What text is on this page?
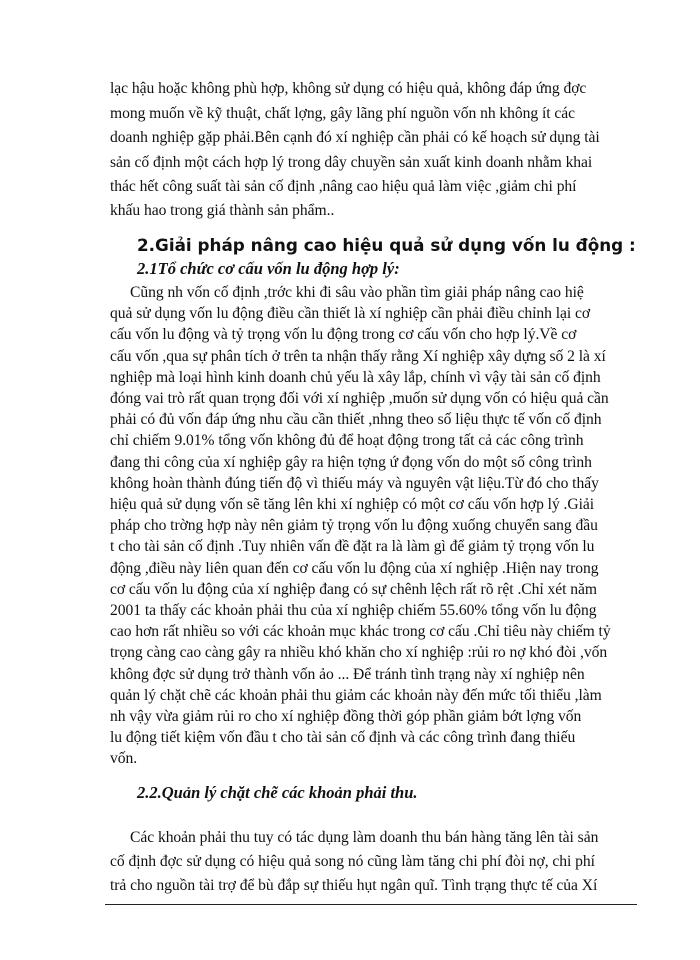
lạc hậu hoặc không phù hợp, không sử dụng có hiệu quả, không đáp ứng đợc
mong muốn về kỹ thuật, chất lợng, gây lãng phí nguồn vốn nh không ít các
doanh nghiệp gặp phải.Bên cạnh đó xí nghiệp cần phải có kế hoạch sử dụng tài
sản cố định một cách hợp lý trong dây chuyền sản xuất kinh doanh nhằm khai
thác hết công suất tài sản cố định ,nâng cao hiệu quả làm việc ,giảm chi phí
khấu hao trong giá thành sản phẩm..
2.Giải pháp nâng cao hiệu quả sử dụng vốn lu động :
2.1Tổ chức cơ cấu vốn lu động hợp lý:
Cũng nh vốn cố định ,trớc khi đi sâu vào phần tìm giải pháp nâng cao hiệ
quả sử dụng vốn lu động điều cần thiết là xí nghiệp cần phải điều chỉnh lại cơ
cấu vốn lu động và tỷ trọng vốn lu động trong cơ cấu vốn cho hợp lý.Về cơ
cấu vốn ,qua sự phân tích ở trên ta nhận thấy rằng Xí nghiệp xây dựng số 2 là xí
nghiệp mà loại hình kinh doanh chủ yếu là xây lắp, chính vì vậy tài sản cố định
đóng vai trò rất quan trọng đối với xí nghiệp ,muốn sử dụng vốn có hiệu quả cần
phải có đủ vốn đáp ứng nhu cầu cần thiết ,nhng theo số liệu thực tế vốn cố định
chỉ chiếm 9.01% tổng vốn không đủ để hoạt động trong tất cả các công trình
đang thi công của xí nghiệp gây ra hiện tợng ứ đọng vốn do một số công trình
không hoàn thành đúng tiến độ vì thiếu máy và nguyên vật liệu.Từ đó cho thấy
hiệu quả sử dụng vốn sẽ tăng lên khi xí nghiệp có một cơ cấu vốn hợp lý .Giải
pháp cho trờng hợp này nên giảm tỷ trọng vốn lu động xuống chuyển sang đầu
t cho tài sản cố định .Tuy nhiên vấn đề đặt ra là làm gì để giảm tỷ trọng vốn lu
động ,điều này liên quan đến cơ cấu vốn lu động của xí nghiệp .Hiện nay trong
cơ cấu vốn lu động của xí nghiệp đang có sự chênh lệch rất rõ rệt .Chỉ xét năm
2001 ta thấy các khoản phải thu của xí nghiệp chiếm 55.60% tổng vốn lu động
cao hơn rất nhiều so với các khoản mục khác trong cơ cấu .Chỉ tiêu này chiếm tỷ
trọng càng cao càng gây ra nhiều khó khăn cho xí nghiệp :rủi ro nợ khó đòi ,vốn
không đợc sử dụng trở thành vốn ảo ... Để tránh tình trạng này xí nghiệp nên
quản lý chặt chẽ các khoản phải thu giảm các khoản này đến mức tối thiểu ,làm
nh vậy vừa giảm rủi ro cho xí nghiệp đồng thời góp phần giảm bớt lợng vốn
lu động tiết kiệm vốn đầu t cho tài sản cố định và các công trình đang thiếu
vốn.
2.2.Quản lý chặt chẽ các khoản phải thu.
Các khoản phải thu tuy có tác dụng làm doanh thu bán hàng tăng lên tài sản
cố định đợc sử dụng có hiệu quả song nó cũng làm tăng chi phí đòi nợ, chi phí
trả cho nguồn tài trợ để bù đắp sự thiếu hụt ngân quĩ. Tình trạng thực tế của Xí
